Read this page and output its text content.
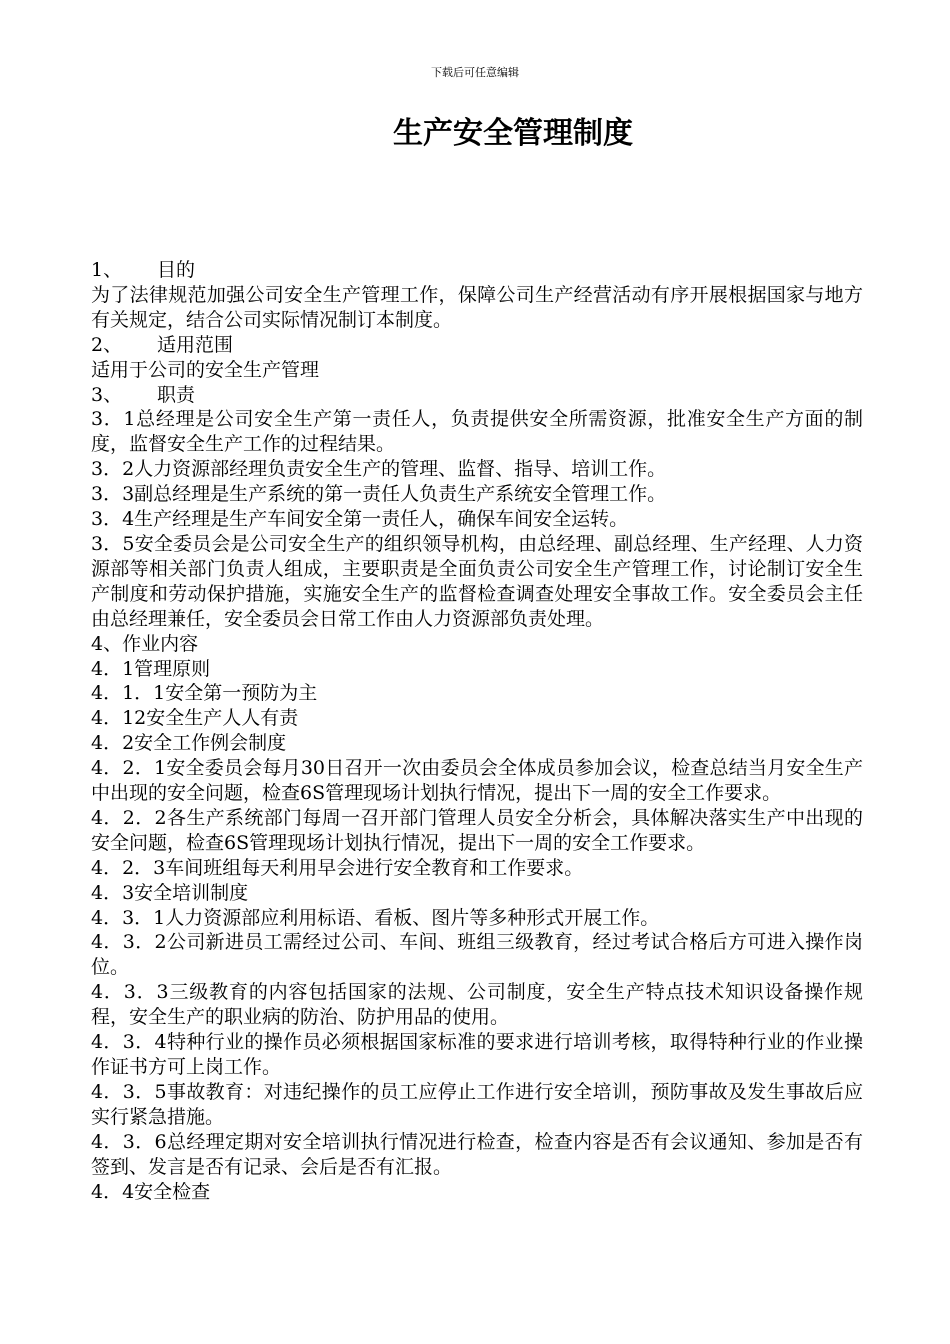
下载后可任意编辑
生产安全管理制度

1、 目的

为了法律规范加强公司安全生产管理工作，保障公司生产经营活动有序开展根据国家与地方有关规定，结合公司实际情况制订本制度。

2、 适用范围

适用于公司的安全生产管理

3、 职责

3．1总经理是公司安全生产第一责任人，负责提供安全所需资源，批准安全生产方面的制度，监督安全生产工作的过程结果。

3．2人力资源部经理负责安全生产的管理、监督、指导、培训工作。

3．3副总经理是生产系统的第一责任人负责生产系统安全管理工作。

3．4生产经理是生产车间安全第一责任人，确保车间安全运转。

3．5安全委员会是公司安全生产的组织领导机构，由总经理、副总经理、生产经理、人力资源部等相关部门负责人组成，主要职责是全面负责公司安全生产管理工作，讨论制订安全生产制度和劳动保护措施，实施安全生产的监督检查调查处理安全事故工作。安全委员会主任由总经理兼任，安全委员会日常工作由人力资源部负责处理。

4、作业内容

4．1管理原则

4．1．1安全第一预防为主

4．12安全生产人人有责

4．2安全工作例会制度

4．2．1安全委员会每月30日召开一次由委员会全体成员参加会议，检查总结当月安全生产中出现的安全问题，检查6S管理现场计划执行情况，提出下一周的安全工作要求。

4．2．2各生产系统部门每周一召开部门管理人员安全分析会，具体解决落实生产中出现的安全问题，检查6S管理现场计划执行情况，提出下一周的安全工作要求。

4．2．3车间班组每天利用早会进行安全教育和工作要求。

4．3安全培训制度

4．3．1人力资源部应利用标语、看板、图片等多种形式开展工作。

4．3．2公司新进员工需经过公司、车间、班组三级教育，经过考试合格后方可进入操作岗位。

4．3．3三级教育的内容包括国家的法规、公司制度，安全生产特点技术知识设备操作规程，安全生产的职业病的防治、防护用品的使用。

4．3．4特种行业的操作员必须根据国家标准的要求进行培训考核，取得特种行业的作业操作证书方可上岗工作。

4．3．5事故教育：对违纪操作的员工应停止工作进行安全培训，预防事故及发生事故后应实行紧急措施。

4．3．6总经理定期对安全培训执行情况进行检查，检查内容是否有会议通知、参加是否有签到、发言是否有记录、会后是否有汇报。

4．4安全检查
